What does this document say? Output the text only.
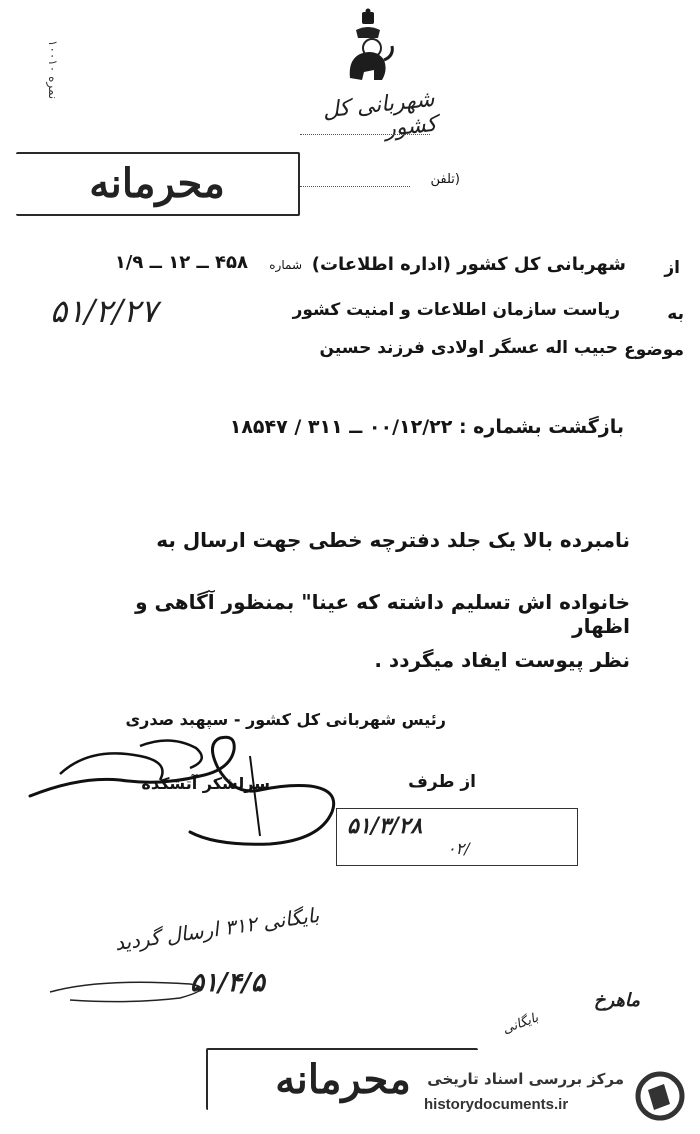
شهربانی کل کشور
نمره ۱۰۰۱۰
محرمانه	(تلفن
از
شهربانی کل کشور (اداره اطلاعات)
شماره
۴۵۸ ــ ۱۲ ــ ۱/۹
به
ریاست سازمان اطلاعات و امنیت کشور
۵۱/۲/۲۷
موضوع
حبیب اله عسگر اولادی فرزند حسین
بازگشت بشماره : ۰۰/۱۲/۲۲ ــ ۳۱۱ / ۱۸۵۴۷
نامبرده بالا یک جلد دفترچه خطی جهت ارسال به
خانواده اش تسلیم داشته که عینا" بمنظور آگاهی و اظهار
نظر پیوست ایفاد میگردد .
رئیس شهربانی کل کشور - سپهبد صدری
از طرف
سرلشکر آتشکده
۵۱/۳/۲۸
۰۲/
بایگانی ۳۱۲ ارسال گردید
۵۱/۴/۵
ماهرخ
بایگانی
محرمانه	مرکز بررسی اسناد تاریخی
historydocuments.ir
